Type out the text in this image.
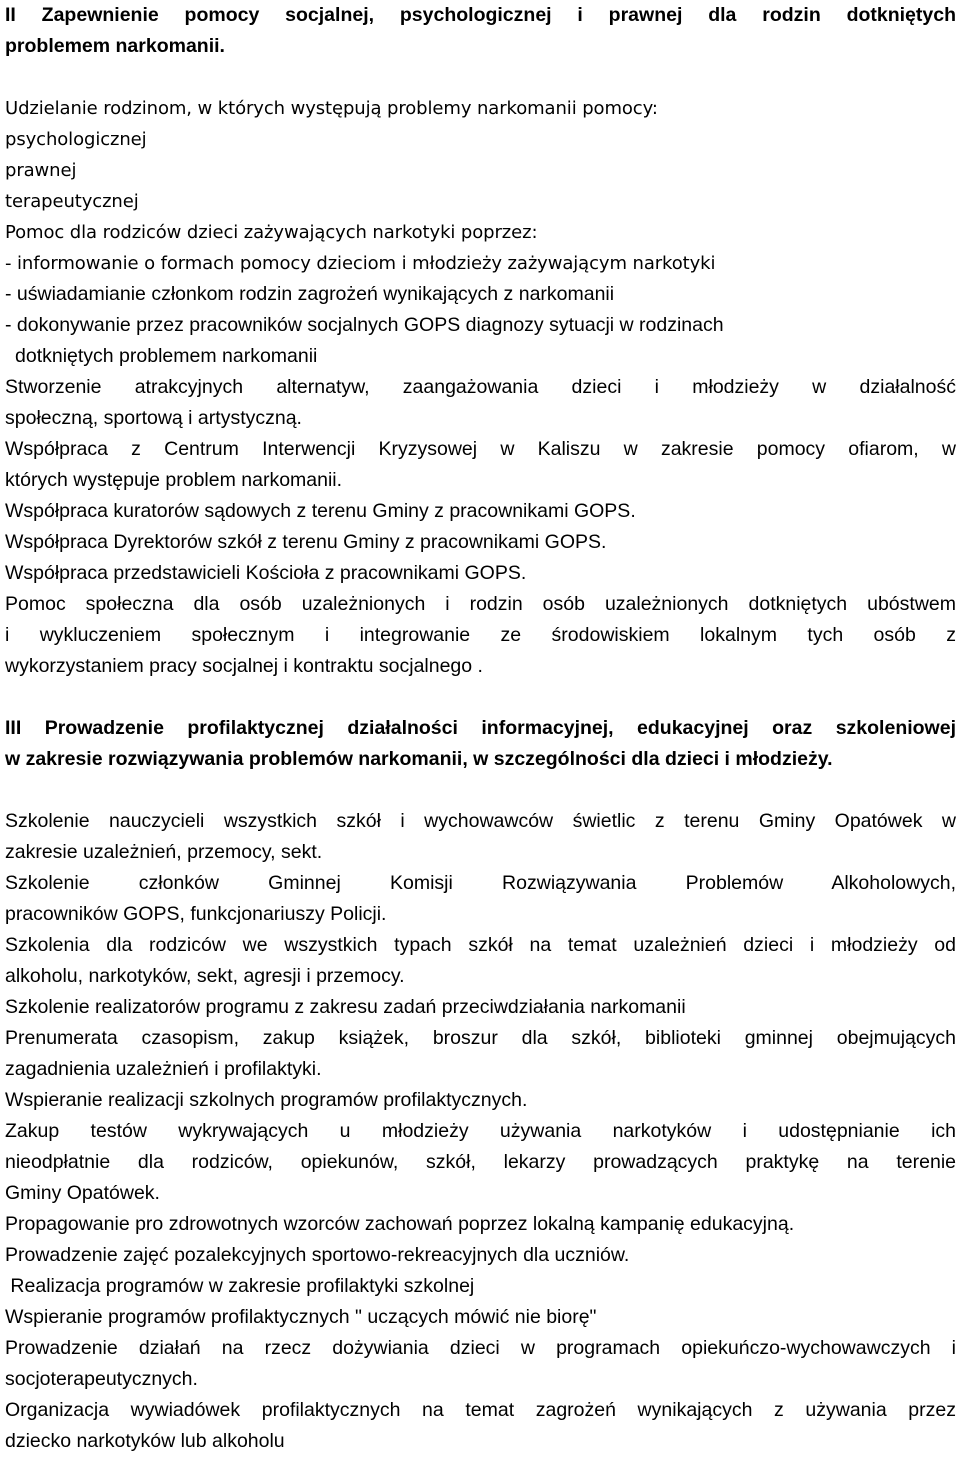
II Zapewnienie pomocy socjalnej, psychologicznej i prawnej dla rodzin dotkniętych
problemem narkomanii.
Udzielanie rodzinom, w których występują problemy narkomanii pomocy:
psychologicznej
prawnej
terapeutycznej
Pomoc dla rodziców dzieci zażywających narkotyki poprzez:
- informowanie o formach pomocy dzieciom i młodzieży zażywającym narkotyki
- uświadamianie członkom rodzin zagrożeń wynikających z narkomanii
- dokonywanie przez pracowników socjalnych GOPS diagnozy sytuacji w rodzinach
dotkniętych problemem narkomanii
Stworzenie atrakcyjnych alternatyw, zaangażowania dzieci i młodzieży w działalność
społeczną, sportową i artystyczną.
Współpraca z Centrum Interwencji Kryzysowej w Kaliszu w zakresie pomocy ofiarom, w
których występuje problem narkomanii.
Współpraca kuratorów sądowych z terenu Gminy z pracownikami GOPS.
Współpraca Dyrektorów szkół z terenu Gminy z pracownikami GOPS.
Współpraca przedstawicieli Kościoła z pracownikami GOPS.
Pomoc społeczna dla osób uzależnionych i rodzin osób uzależnionych dotkniętych ubóstwem
i wykluczeniem społecznym i integrowanie ze środowiskiem lokalnym tych osób z
wykorzystaniem pracy socjalnej i kontraktu socjalnego .
III Prowadzenie profilaktycznej działalności informacyjnej, edukacyjnej oraz szkoleniowej
w zakresie rozwiązywania problemów narkomanii, w szczególności dla dzieci i młodzieży.
Szkolenie nauczycieli wszystkich szkół i wychowawców świetlic z terenu Gminy Opatówek w
zakresie uzależnień, przemocy, sekt.
Szkolenie członków Gminnej Komisji Rozwiązywania Problemów Alkoholowych,
pracowników GOPS, funkcjonariuszy Policji.
Szkolenia dla rodziców we wszystkich typach szkół na temat uzależnień dzieci i młodzieży od
alkoholu, narkotyków, sekt, agresji i przemocy.
Szkolenie realizatorów programu z zakresu zadań przeciwdziałania narkomanii
Prenumerata czasopism, zakup książek, broszur dla szkół, biblioteki gminnej obejmujących
zagadnienia uzależnień i profilaktyki.
Wspieranie realizacji szkolnych programów profilaktycznych.
Zakup testów wykrywających u młodzieży używania narkotyków i udostępnianie ich
nieodpłatnie dla rodziców, opiekunów, szkół, lekarzy prowadzących praktykę na terenie
Gminy Opatówek.
Propagowanie pro zdrowotnych wzorców zachowań poprzez lokalną kampanię edukacyjną.
Prowadzenie zajęć pozalekcyjnych sportowo-rekreacyjnych dla uczniów.
Realizacja programów w zakresie profilaktyki szkolnej
Wspieranie programów profilaktycznych " uczących mówić nie biorę"
Prowadzenie działań na rzecz dożywiania dzieci w programach opiekuńczo-wychowawczych i
socjoterapeutycznych.
Organizacja wywiadówek profilaktycznych na temat zagrożeń wynikających z używania przez
dziecko narkotyków lub alkoholu
